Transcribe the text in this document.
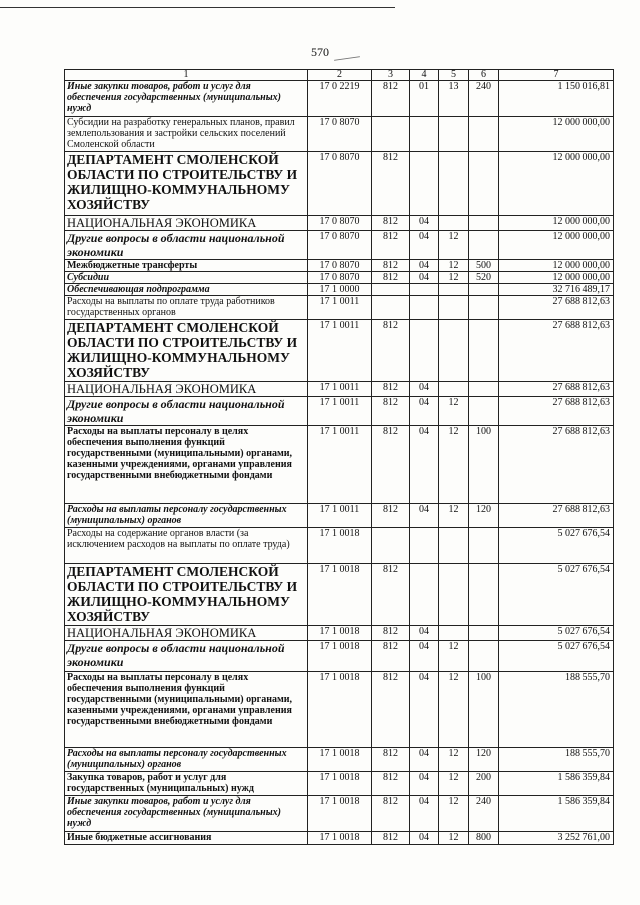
570
1	2	3	4	5	6	7
Иные закупки товаров, работ и услуг для обеспечения государственных (муниципальных) нужд	17 0 2219	812	01	13	240	1 150 016,81
Субсидии на разработку генеральных планов, правил землепользования и застройки сельских поселений Смоленской области	17 0 8070					12 000 000,00
ДЕПАРТАМЕНТ СМОЛЕНСКОЙ ОБЛАСТИ ПО СТРОИТЕЛЬСТВУ И ЖИЛИЩНО-КОММУНАЛЬНОМУ ХОЗЯЙСТВУ	17 0 8070	812				12 000 000,00
НАЦИОНАЛЬНАЯ ЭКОНОМИКА	17 0 8070	812	04			12 000 000,00
Другие вопросы в области национальной экономики	17 0 8070	812	04	12		12 000 000,00
Межбюджетные трансферты	17 0 8070	812	04	12	500	12 000 000,00
Субсидии	17 0 8070	812	04	12	520	12 000 000,00
Обеспечивающая подпрограмма	17 1 0000					32 716 489,17
Расходы на выплаты по оплате труда работников государственных органов	17 1 0011					27 688 812,63
ДЕПАРТАМЕНТ СМОЛЕНСКОЙ ОБЛАСТИ ПО СТРОИТЕЛЬСТВУ И ЖИЛИЩНО-КОММУНАЛЬНОМУ ХОЗЯЙСТВУ	17 1 0011	812				27 688 812,63
НАЦИОНАЛЬНАЯ ЭКОНОМИКА	17 1 0011	812	04			27 688 812,63
Другие вопросы в области национальной экономики	17 1 0011	812	04	12		27 688 812,63
Расходы на выплаты персоналу в целях обеспечения выполнения функций государственными (муниципальными) органами, казенными учреждениями, органами управления государственными внебюджетными фондами	17 1 0011	812	04	12	100	27 688 812,63
Расходы на выплаты персоналу государственных (муниципальных) органов	17 1 0011	812	04	12	120	27 688 812,63
Расходы на содержание органов власти (за исключением расходов на выплаты по оплате труда)	17 1 0018					5 027 676,54
ДЕПАРТАМЕНТ СМОЛЕНСКОЙ ОБЛАСТИ ПО СТРОИТЕЛЬСТВУ И ЖИЛИЩНО-КОММУНАЛЬНОМУ ХОЗЯЙСТВУ	17 1 0018	812				5 027 676,54
НАЦИОНАЛЬНАЯ ЭКОНОМИКА	17 1 0018	812	04			5 027 676,54
Другие вопросы в области национальной экономики	17 1 0018	812	04	12		5 027 676,54
Расходы на выплаты персоналу в целях обеспечения выполнения функций государственными (муниципальными) органами, казенными учреждениями, органами управления государственными внебюджетными фондами	17 1 0018	812	04	12	100	188 555,70
Расходы на выплаты персоналу государственных (муниципальных) органов	17 1 0018	812	04	12	120	188 555,70
Закупка товаров, работ и услуг для государственных (муниципальных) нужд	17 1 0018	812	04	12	200	1 586 359,84
Иные закупки товаров, работ и услуг для обеспечения государственных (муниципальных) нужд	17 1 0018	812	04	12	240	1 586 359,84
Иные бюджетные ассигнования	17 1 0018	812	04	12	800	3 252 761,00
